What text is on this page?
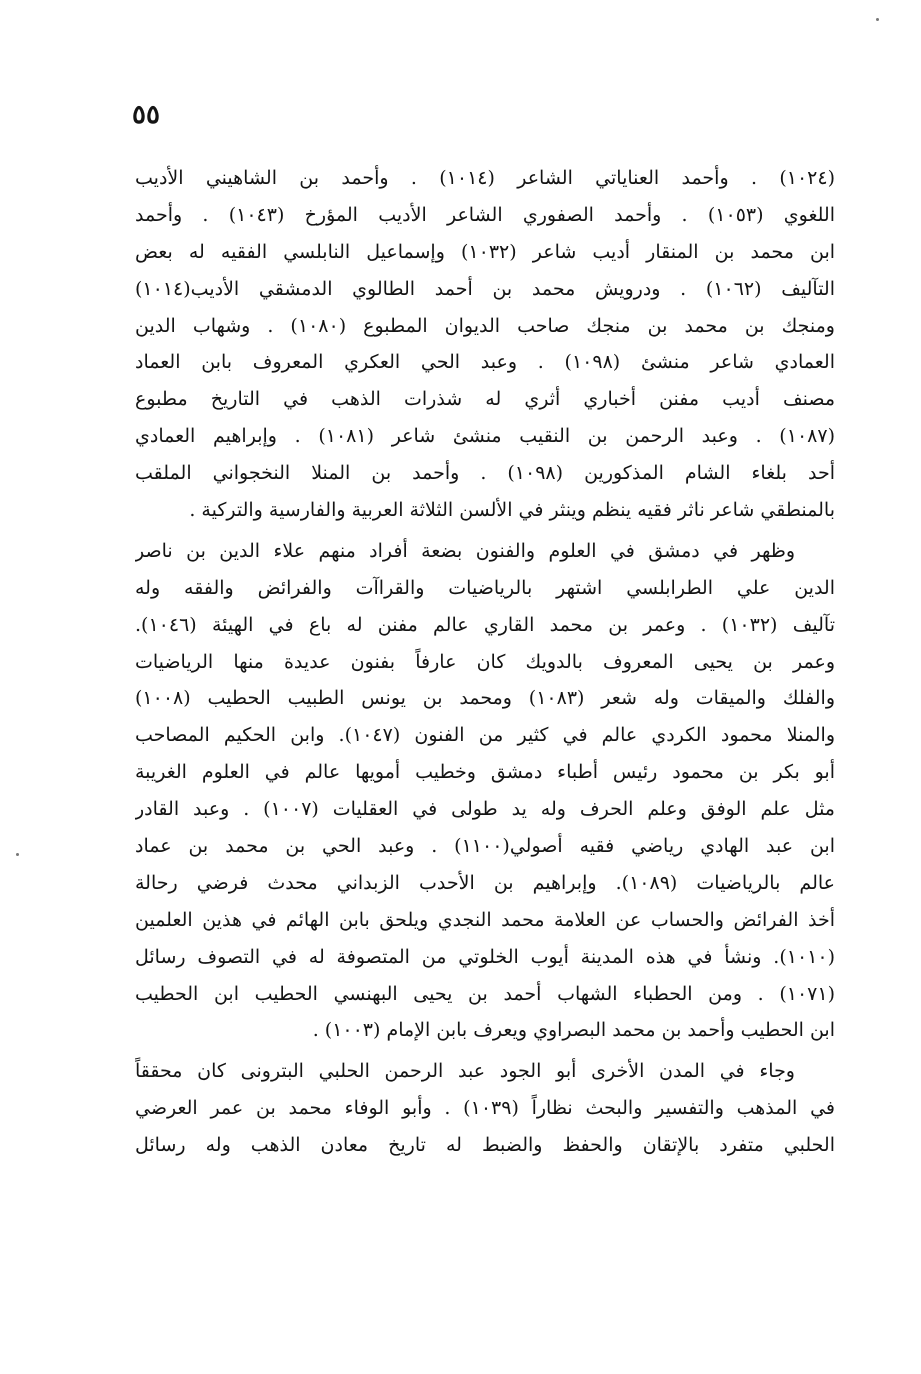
٥٥
(١٠٢٤) . وأحمد العناياتي الشاعر (١٠١٤) . وأحمد بن الشاهيني الأديب
اللغوي (١٠٥٣) . وأحمد الصفوري الشاعر الأديب المؤرخ (١٠٤٣) . وأحمد
ابن محمد بن المنقار أديب شاعر (١٠٣٢) وإسماعيل النابلسي الفقيه له بعض
التآليف (١٠٦٢) . ودرويش محمد بن أحمد الطالوي الدمشقي الأديب(١٠١٤)
ومنجك بن محمد بن منجك صاحب الديوان المطبوع (١٠٨٠) . وشهاب الدين
العمادي شاعر منشئ (١٠٩٨) . وعبد الحي العكري المعروف بابن العماد
مصنف أديب مفنن أخباري أثري له شذرات الذهب في التاريخ مطبوع
(١٠٨٧) . وعبد الرحمن بن النقيب منشئ شاعر (١٠٨١) . وإبراهيم العمادي
أحد بلغاء الشام المذكورين (١٠٩٨) . وأحمد بن المنلا النخجواني الملقب
بالمنطقي شاعر ناثر فقيه ينظم وينثر في الألسن الثلاثة العربية والفارسية والتركية .
وظهر في دمشق في العلوم والفنون بضعة أفراد منهم علاء الدين بن ناصر
الدين علي الطرابلسي اشتهر بالرياضيات والقراآت والفرائض والفقه وله
تآليف (١٠٣٢) . وعمر بن محمد القاري عالم مفنن له باع في الهيئة (١٠٤٦).
وعمر بن يحيى المعروف بالدويك كان عارفاً بفنون عديدة منها الرياضيات
والفلك والميقات وله شعر (١٠٨٣) ومحمد بن يونس الطبيب الحطيب (١٠٠٨)
والمنلا محمود الكردي عالم في كثير من الفنون (١٠٤٧). وابن الحكيم المصاحب
أبو بكر بن محمود رئيس أطباء دمشق وخطيب أمويها عالم في العلوم الغريبة
مثل علم الوفق وعلم الحرف وله يد طولى في العقليات (١٠٠٧) . وعبد القادر
ابن عبد الهادي رياضي فقيه أصولي(١١٠٠) . وعبد الحي بن محمد بن عماد
عالم بالرياضيات (١٠٨٩). وإبراهيم بن الأحدب الزبداني محدث فرضي رحالة
أخذ الفرائض والحساب عن العلامة محمد النجدي ويلحق بابن الهائم في هذين العلمين
(١٠١٠). ونشأ في هذه المدينة أيوب الخلوتي من المتصوفة له في التصوف رسائل
(١٠٧١) . ومن الحطباء الشهاب أحمد بن يحيى البهنسي الحطيب ابن الحطيب
ابن الحطيب وأحمد بن محمد البصراوي ويعرف بابن الإمام (١٠٠٣) .
وجاء في المدن الأخرى أبو الجود عبد الرحمن الحلبي البترونى كان محققاً
في المذهب والتفسير والبحث نظاراً (١٠٣٩) . وأبو الوفاء محمد بن عمر العرضي
الحلبي متفرد بالإتقان والحفظ والضبط له تاريخ معادن الذهب وله رسائل
